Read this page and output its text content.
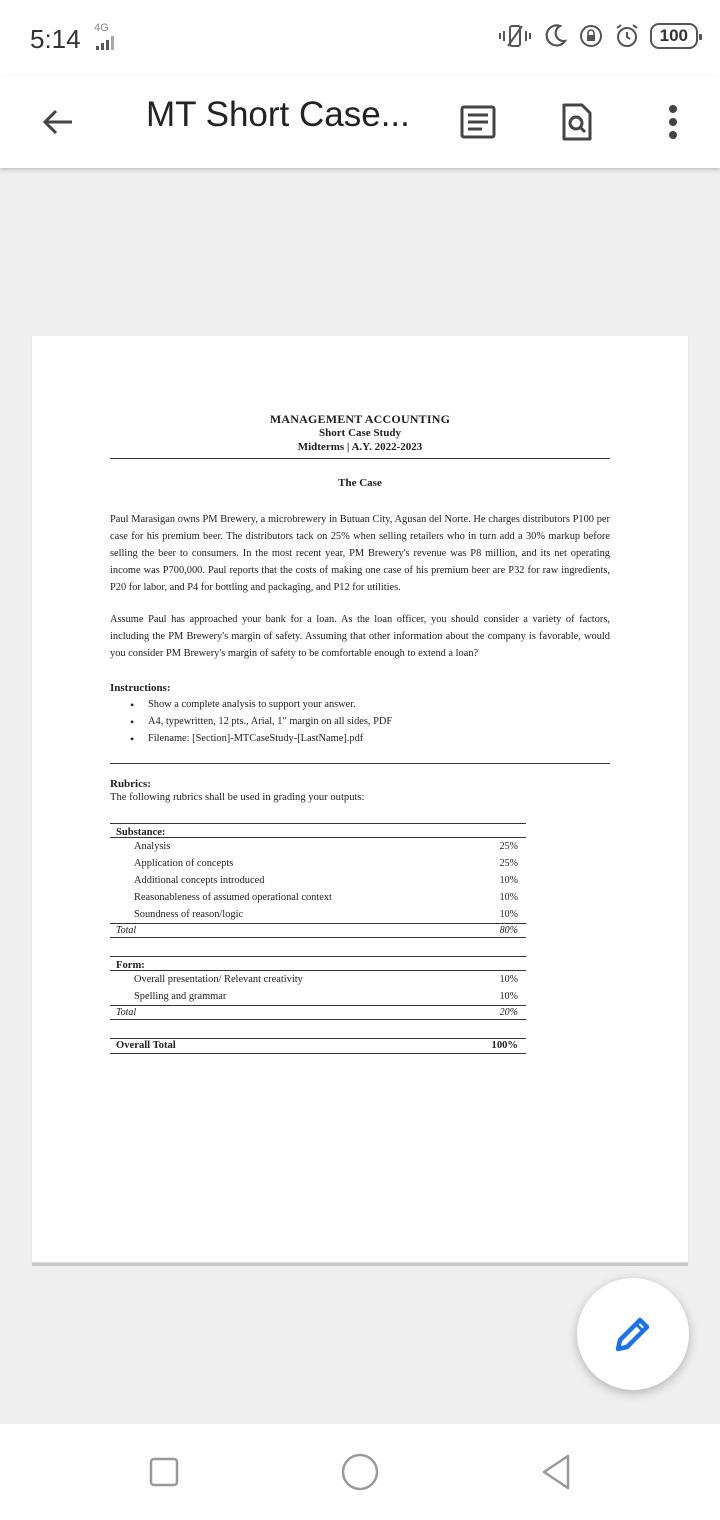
5:14 4G	100
MT Short Case...
MANAGEMENT ACCOUNTING
Short Case Study
Midterms | A.Y. 2022-2023
The Case

Paul Marasigan owns PM Brewery, a microbrewery in Butuan City, Agusan del Norte. He charges distributors P100 per case for his premium beer. The distributors tack on 25% when selling retailers who in turn add a 30% markup before selling the beer to consumers. In the most recent year, PM Brewery's revenue was P8 million, and its net operating income was P700,000. Paul reports that the costs of making one case of his premium beer are P32 for raw ingredients, P20 for labor, and P4 for bottling and packaging, and P12 for utilities.

Assume Paul has approached your bank for a loan. As the loan officer, you should consider a variety of factors, including the PM Brewery's margin of safety. Assuming that other information about the company is favorable, would you consider PM Brewery's margin of safety to be comfortable enough to extend a loan?

Instructions:
• Show a complete analysis to support your answer.
• A4, typewritten, 12 pts., Arial, 1" margin on all sides, PDF
• Filename: [Section]-MTCaseStudy-[LastName].pdf
Rubrics:
The following rubrics shall be used in grading your outputs:
Substance:
Analysis	25%
Application of concepts	25%
Additional concepts introduced	10%
Reasonableness of assumed operational context	10%
Soundness of reason/logic	10%
Total	80%
Form:
Overall presentation/ Relevant creativity	10%
Spelling and grammar	10%
Total	20%
Overall Total	100%
